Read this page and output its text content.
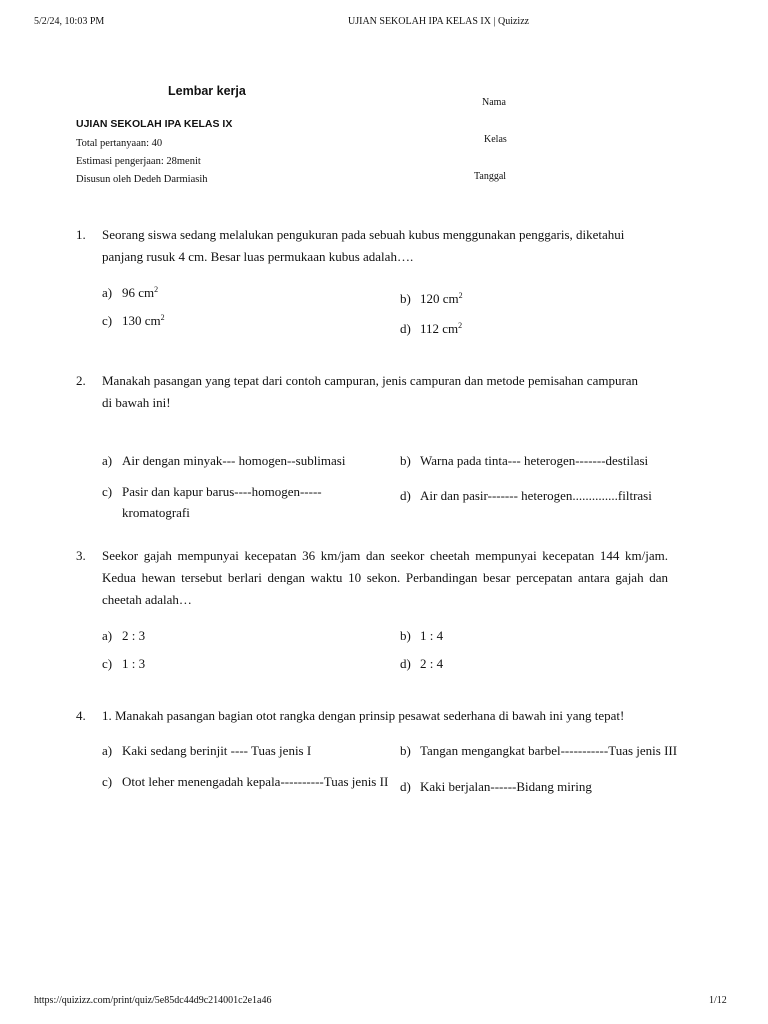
5/2/24, 10:03 PM	UJIAN SEKOLAH IPA KELAS IX | Quizizz
Lembar kerja
UJIAN SEKOLAH IPA KELAS IX
Total pertanyaan: 40
Estimasi pengerjaan: 28menit
Disusun oleh Dedeh Darmiasih
Nama
Kelas
Tanggal
1. Seorang siswa sedang melalukan pengukuran pada sebuah kubus menggunakan penggaris, diketahui
panjang rusuk 4 cm. Besar luas permukaan kubus adalah….
a) 96 $cm^2$
b) 120 $cm^2$
c) 130 $cm^2$
d) 112 $cm^2$
2. Manakah pasangan yang tepat dari contoh campuran, jenis campuran dan metode pemisahan campuran
di bawah ini!
a) Air dengan minyak--- homogen--sublimasi	b) Warna pada tinta--- heterogen-------destilasi
c) Pasir dan kapur barus----homogen----- kromatografi
d) Air dan pasir------- heterogen..............filtrasi
3. Seekor gajah mempunyai kecepatan 36 km/jam dan seekor cheetah mempunyai kecepatan 144 km/jam.
Kedua hewan tersebut berlari dengan waktu 10 sekon. Perbandingan besar percepatan antara gajah dan
cheetah adalah…
a) 2 : 3	b) 1 : 4
c) 1 : 3	d) 2 : 4
4. 1. Manakah pasangan bagian otot rangka dengan prinsip pesawat sederhana di bawah ini yang tepat!
a) Kaki sedang berinjit ---- Tuas jenis I	b) Tangan mengangkat barbel-----------Tuas jenis III
c) Otot leher menengadah kepala----------Tuas jenis II d) Kaki berjalan------Bidang miring
https://quizizz.com/print/quiz/5e85dc44d9c214001c2e1a46	1/12
